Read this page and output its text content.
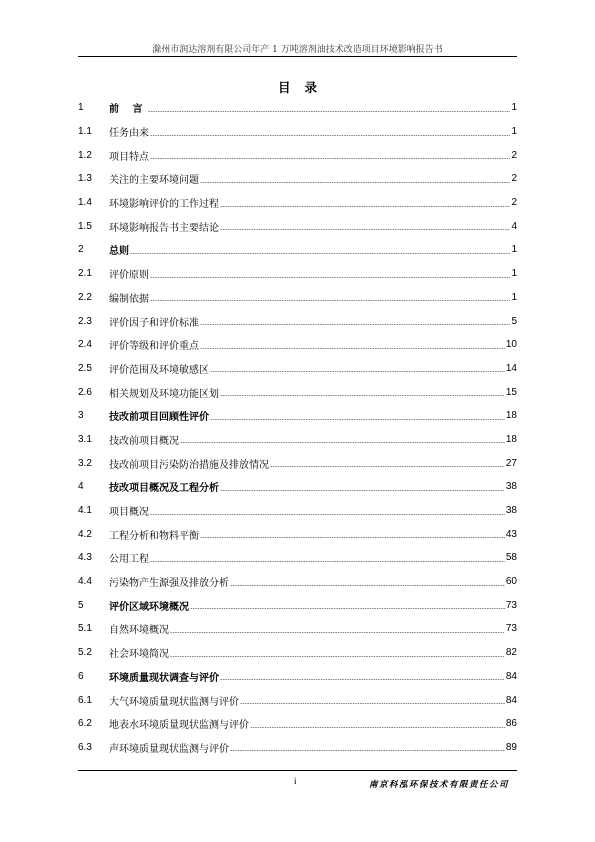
滁州市润达溶剂有限公司年产 1 万吨溶剂油技术改造项目环境影响报告书
目录
1	前 言	1
1.1	任务由来	1
1.2	项目特点	2
1.3	关注的主要环境问题	2
1.4	环境影响评价的工作过程	2
1.5	环境影响报告书主要结论	4
2	总则	1
2.1	评价原则	1
2.2	编制依据	1
2.3	评价因子和评价标准	5
2.4	评价等级和评价重点	10
2.5	评价范围及环境敏感区	14
2.6	相关规划及环境功能区划	15
3	技改前项目回顾性评价	18
3.1	技改前项目概况	18
3.2	技改前项目污染防治措施及排放情况	27
4	技改项目概况及工程分析	38
4.1	项目概况	38
4.2	工程分析和物料平衡	43
4.3	公用工程	58
4.4	污染物产生源强及排放分析	60
5	评价区域环境概况	73
5.1	自然环境概况	73
5.2	社会环境简况	82
6	环境质量现状调查与评价	84
6.1	大气环境质量现状监测与评价	84
6.2	地表水环境质量现状监测与评价	86
6.3	声环境质量现状监测与评价	89
i	南京科泓环保技术有限责任公司
